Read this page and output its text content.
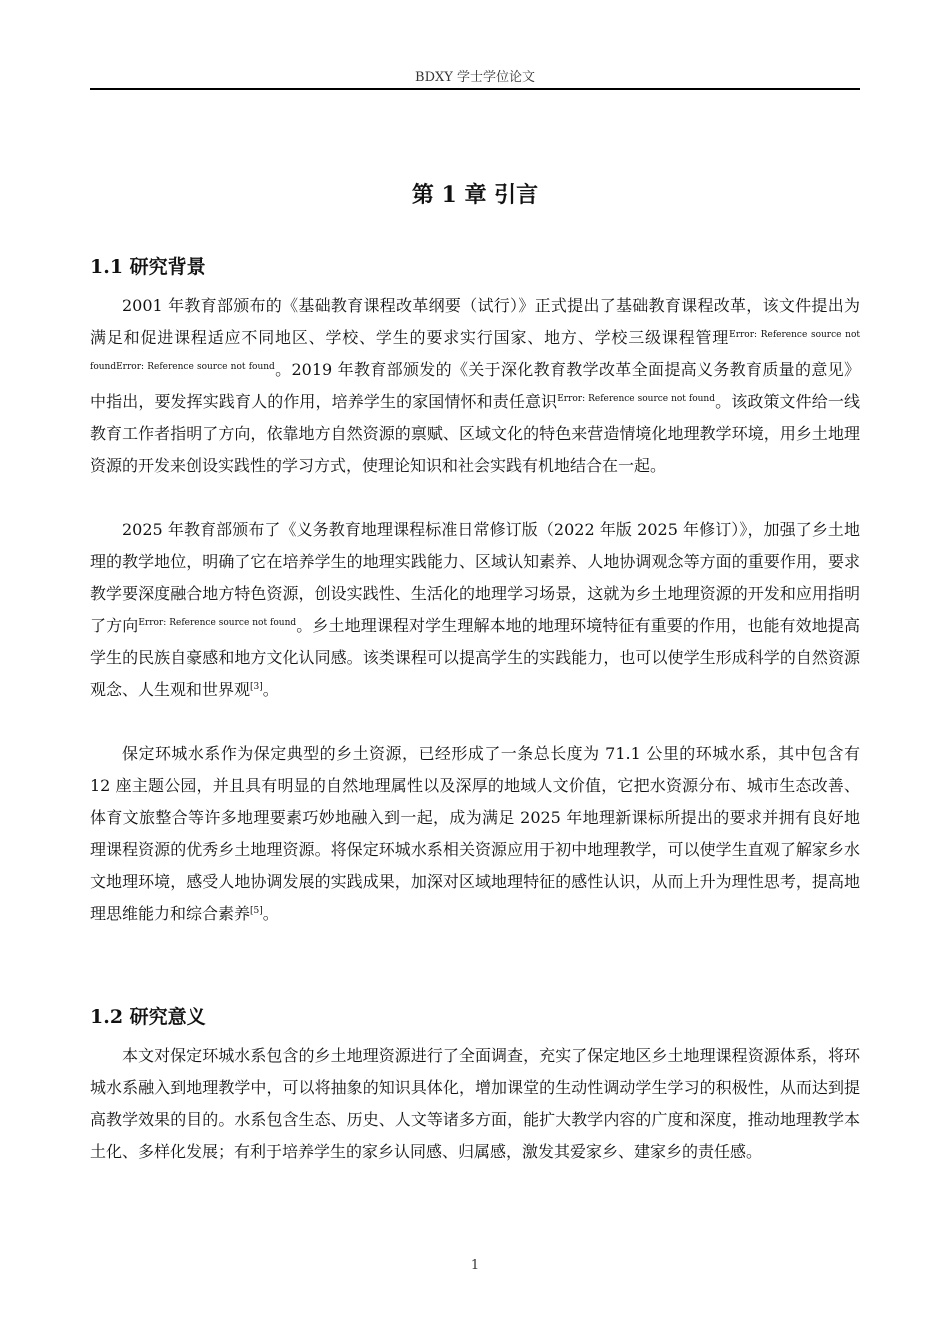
BDXY 学士学位论文
第 1 章 引言
1.1 研究背景

2001 年教育部颁布的《基础教育课程改革纲要（试行）》正式提出了基础教育课程改革，该文件提出为满足和促进课程适应不同地区、学校、学生的要求实行国家、地方、学校三级课程管理$^{Error: Reference source not foundError: Reference source not found}$。2019 年教育部颁发的《关于深化教育教学改革全面提高义务教育质量的意见》中指出，要发挥实践育人的作用，培养学生的家国情怀和责任意识$^{Error: Reference source not found}$。该政策文件给一线教育工作者指明了方向，依靠地方自然资源的禀赋、区域文化的特色来营造情境化地理教学环境，用乡土地理资源的开发来创设实践性的学习方式，使理论知识和社会实践有机地结合在一起。

2025 年教育部颁布了《义务教育地理课程标准日常修订版（2022 年版 2025 年修订）》，加强了乡土地理的教学地位，明确了它在培养学生的地理实践能力、区域认知素养、人地协调观念等方面的重要作用，要求教学要深度融合地方特色资源，创设实践性、生活化的地理学习场景，这就为乡土地理资源的开发和应用指明了方向$^{Error: Reference source not found}$。乡土地理课程对学生理解本地的地理环境特征有重要的作用，也能有效地提高学生的民族自豪感和地方文化认同感。该类课程可以提高学生的实践能力，也可以使学生形成科学的自然资源观念、人生观和世界观[3]。

保定环城水系作为保定典型的乡土资源，已经形成了一条总长度为 71.1 公里的环城水系，其中包含有 12 座主题公园，并且具有明显的自然地理属性以及深厚的地域人文价值，它把水资源分布、城市生态改善、体育文旅整合等许多地理要素巧妙地融入到一起，成为满足 2025 年地理新课标所提出的要求并拥有良好地理课程资源的优秀乡土地理资源。将保定环城水系相关资源应用于初中地理教学，可以使学生直观了解家乡水文地理环境，感受人地协调发展的实践成果，加深对区域地理特征的感性认识，从而上升为理性思考，提高地理思维能力和综合素养[5]。

1.2 研究意义

本文对保定环城水系包含的乡土地理资源进行了全面调查，充实了保定地区乡土地理课程资源体系，将环城水系融入到地理教学中，可以将抽象的知识具体化，增加课堂的生动性调动学生学习的积极性，从而达到提高教学效果的目的。水系包含生态、历史、人文等诸多方面，能扩大教学内容的广度和深度，推动地理教学本土化、多样化发展；有利于培养学生的家乡认同感、归属感，激发其爱家乡、建家乡的责任感。

1
